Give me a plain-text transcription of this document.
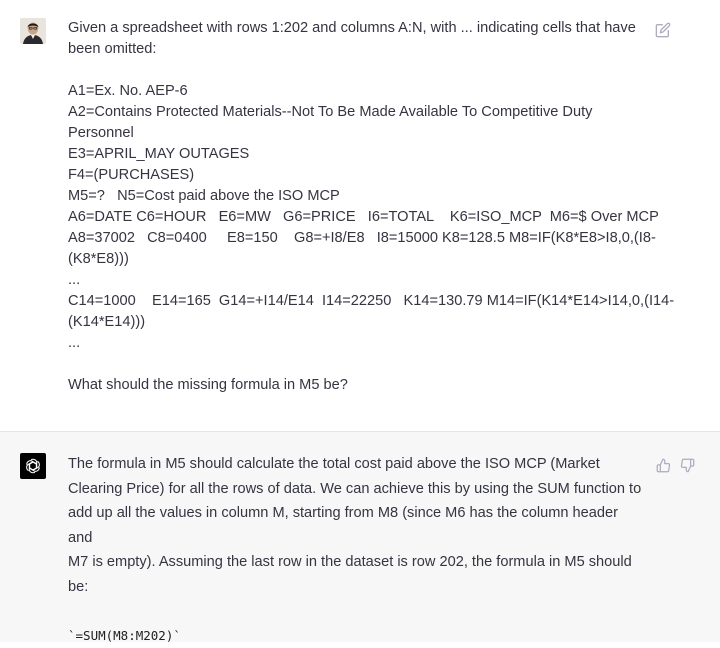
Given a spreadsheet with rows 1:202 and columns A:N, with ... indicating cells that have

been omitted:

A1=Ex. No. AEP-6

A2=Contains Protected Materials--Not To Be Made Available To Competitive Duty

Personnel

E3=APRIL_MAY OUTAGES

F4=(PURCHASES)

M5=?   N5=Cost paid above the ISO MCP

A6=DATE C6=HOUR   E6=MW   G6=PRICE   I6=TOTAL    K6=ISO_MCP  M6=$ Over MCP

A8=37002   C8=0400     E8=150    G8=+I8/E8   I8=15000 K8=128.5 M8=IF(K8*E8>I8,0,(I8-

(K8*E8)))

...

C14=1000    E14=165  G14=+I14/E14  I14=22250   K14=130.79 M14=IF(K14*E14>I14,0,(I14-

(K14*E14)))

...

What should the missing formula in M5 be?

The formula in M5 should calculate the total cost paid above the ISO MCP (Market

Clearing Price) for all the rows of data. We can achieve this by using the SUM function to

add up all the values in column M, starting from M8 (since M6 has the column header and

M7 is empty). Assuming the last row in the dataset is row 202, the formula in M5 should

be:

`=SUM(M8:M202)`
